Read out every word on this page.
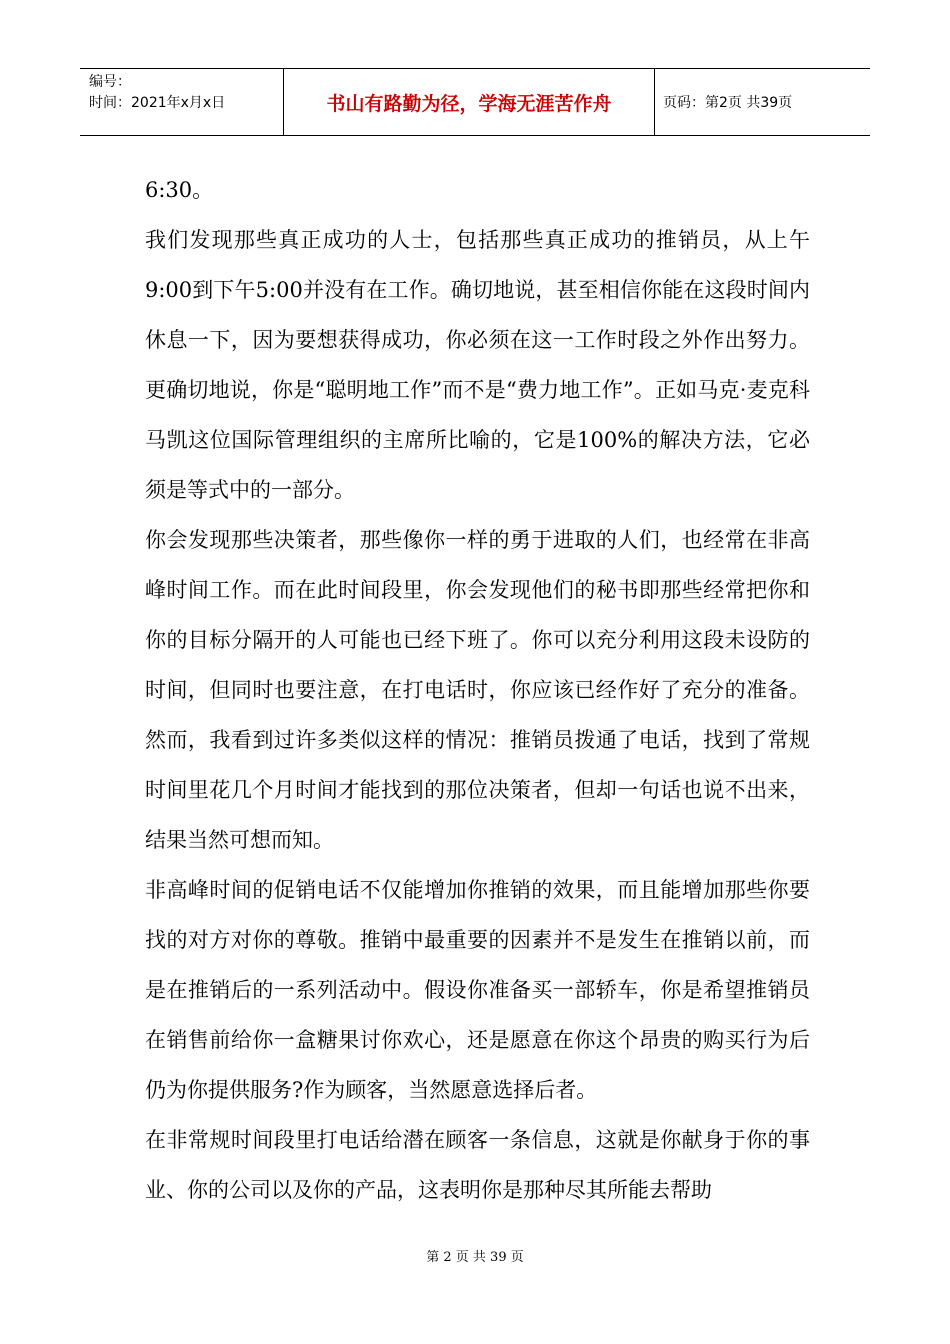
编号：
时间：2021年x月x日	书山有路勤为径，学海无涯苦作舟	页码：第2页 共39页

6:30。

我们发现那些真正成功的人士，包括那些真正成功的推销员，从上午9:00到下午5:00并没有在工作。确切地说，甚至相信你能在这段时间内休息一下，因为要想获得成功，你必须在这一工作时段之外作出努力。更确切地说，你是“聪明地工作”而不是“费力地工作”。正如马克·麦克科马凯这位国际管理组织的主席所比喻的，它是100%的解决方法，它必须是等式中的一部分。

你会发现那些决策者，那些像你一样的勇于进取的人们，也经常在非高峰时间工作。而在此时间段里，你会发现他们的秘书即那些经常把你和你的目标分隔开的人可能也已经下班了。你可以充分利用这段未设防的时间，但同时也要注意，在打电话时，你应该已经作好了充分的准备。然而，我看到过许多类似这样的情况：推销员拨通了电话，找到了常规时间里花几个月时间才能找到的那位决策者，但却一句话也说不出来，结果当然可想而知。

非高峰时间的促销电话不仅能增加你推销的效果，而且能增加那些你要找的对方对你的尊敬。推销中最重要的因素并不是发生在推销以前，而是在推销后的一系列活动中。假设你准备买一部轿车，你是希望推销员在销售前给你一盒糖果讨你欢心，还是愿意在你这个昂贵的购买行为后仍为你提供服务?作为顾客，当然愿意选择后者。

在非常规时间段里打电话给潜在顾客一条信息，这就是你献身于你的事业、你的公司以及你的产品，这表明你是那种尽其所能去帮助

第 2 页 共 39 页
